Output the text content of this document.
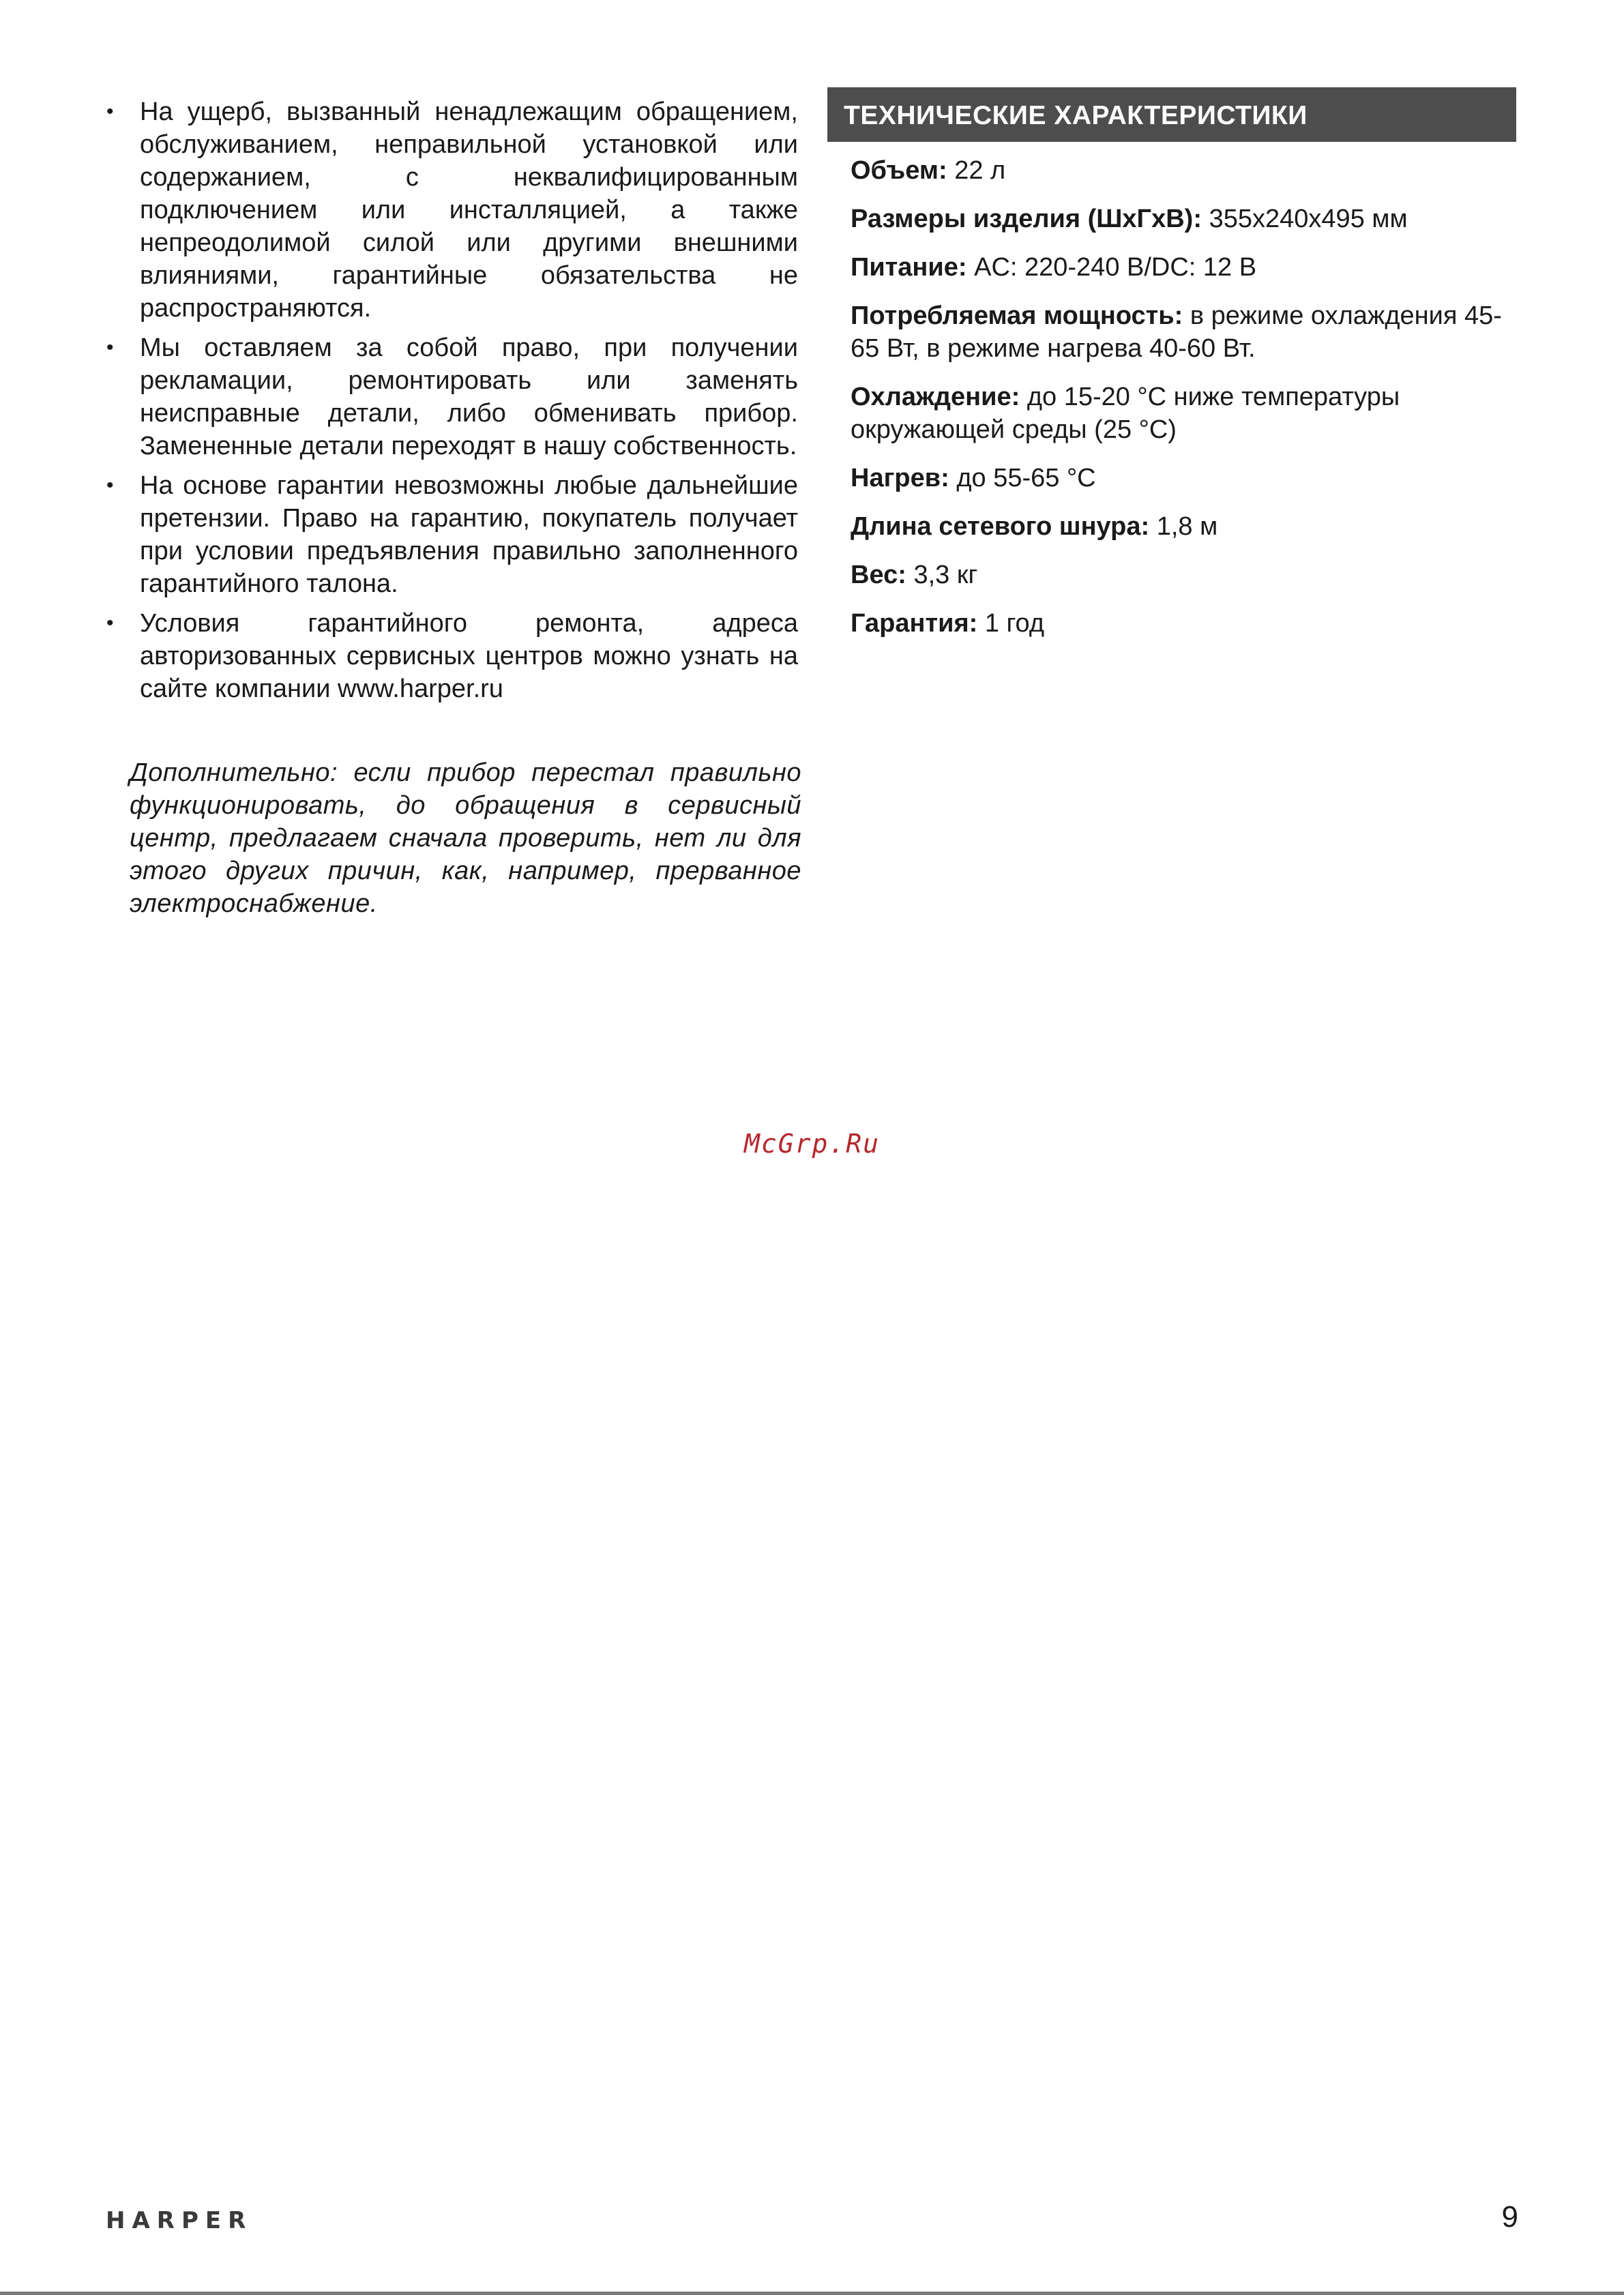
• На ущерб, вызванный ненадлежащим обращением, обслуживанием, неправильной установкой или содержанием, с неквалифицированным подключением или инсталляцией, а также непреодолимой силой или другими внешними влияниями, гарантийные обязательства не распространяются.
• Мы оставляем за собой право, при получении рекламации, ремонтировать или заменять неисправные детали, либо обменивать прибор. Замененные детали переходят в нашу собственность.
• На основе гарантии невозможны любые дальнейшие претензии. Право на гарантию, покупатель получает при условии предъявления правильно заполненного гарантийного талона.
• Условия гарантийного ремонта, адреса авторизованных сервисных центров можно узнать на сайте компании www.harper.ru

Дополнительно: если прибор перестал правильно функционировать, до обращения в сервисный центр, предлагаем сначала проверить, нет ли для этого других причин, как, например, прерванное электроснабжение.

ТЕХНИЧЕСКИЕ ХАРАКТЕРИСТИКИ
Объем: 22 л
Размеры изделия (ШхГхВ): 355x240x495 мм
Питание: AC: 220-240 В/DC: 12 В
Потребляемая мощность: в режиме охлаждения 45-65 Вт, в режиме нагрева 40-60 Вт.
Охлаждение: до 15-20 °С ниже температуры окружающей среды (25 °С)
Нагрев: до 55-65 °С
Длина сетевого шнура: 1,8 м
Вес: 3,3 кг
Гарантия: 1 год
McGrp.Ru
HARPER	9
